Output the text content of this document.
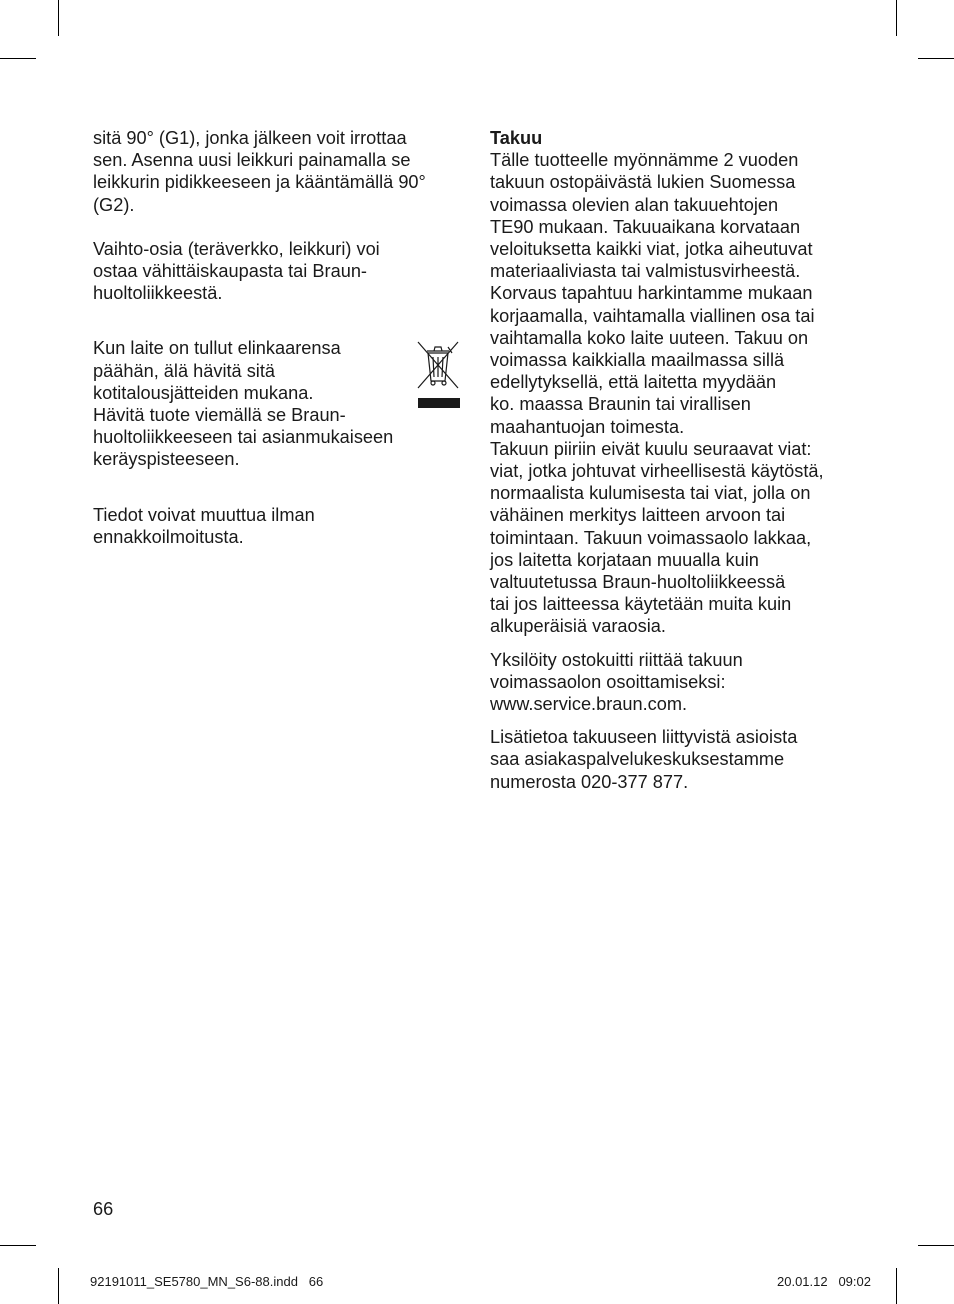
sitä 90° (G1), jonka jälkeen voit irrottaa
sen. Asenna uusi leikkuri painamalla se
leikkurin pidikkeeseen ja kääntämällä 90°
(G2).

Vaihto-osia (teräverkko, leikkuri) voi
ostaa vähittäiskaupasta tai Braun-
huoltoliikkeestä.

Kun laite on tullut elinkaarensa
päähän, älä hävitä sitä
kotitalousjätteiden mukana.
Hävitä tuote viemällä se Braun-
huoltoliikkeeseen tai asianmukaiseen
keräyspisteeseen.

Tiedot voivat muuttua ilman
ennakkoilmoitusta.

Takuu

Tälle tuotteelle myönnämme 2 vuoden
takuun ostopäivästä lukien Suomessa
voimassa olevien alan takuuehtojen
TE90 mukaan. Takuuaikana korvataan
veloituksetta kaikki viat, jotka aiheutuvat
materiaaliviasta tai valmistusvirheestä.
Korvaus tapahtuu harkintamme mukaan
korjaamalla, vaihtamalla viallinen osa tai
vaihtamalla koko laite uuteen. Takuu on
voimassa kaikkialla maailmassa sillä
edellytyksellä, että laitetta myydään
ko. maassa Braunin tai virallisen
maahantuojan toimesta.
Takuun piiriin eivät kuulu seuraavat viat:
viat, jotka johtuvat virheellisestä käytöstä,
normaalista kulumisesta tai viat, jolla on
vähäinen merkitys laitteen arvoon tai
toimintaan. Takuun voimassaolo lakkaa,
jos laitetta korjataan muualla kuin
valtuutetussa Braun-huoltoliikkeessä
tai jos laitteessa käytetään muita kuin
alkuperäisiä varaosia.

Yksilöity ostokuitti riittää takuun
voimassaolon osoittamiseksi:
www.service.braun.com.

Lisätietoa takuuseen liittyvistä asioista
saa asiakaspalvelukeskuksestamme
numerosta 020-377 877.

66
92191011_SE5780_MN_S6-88.indd   66	20.01.12   09:02
